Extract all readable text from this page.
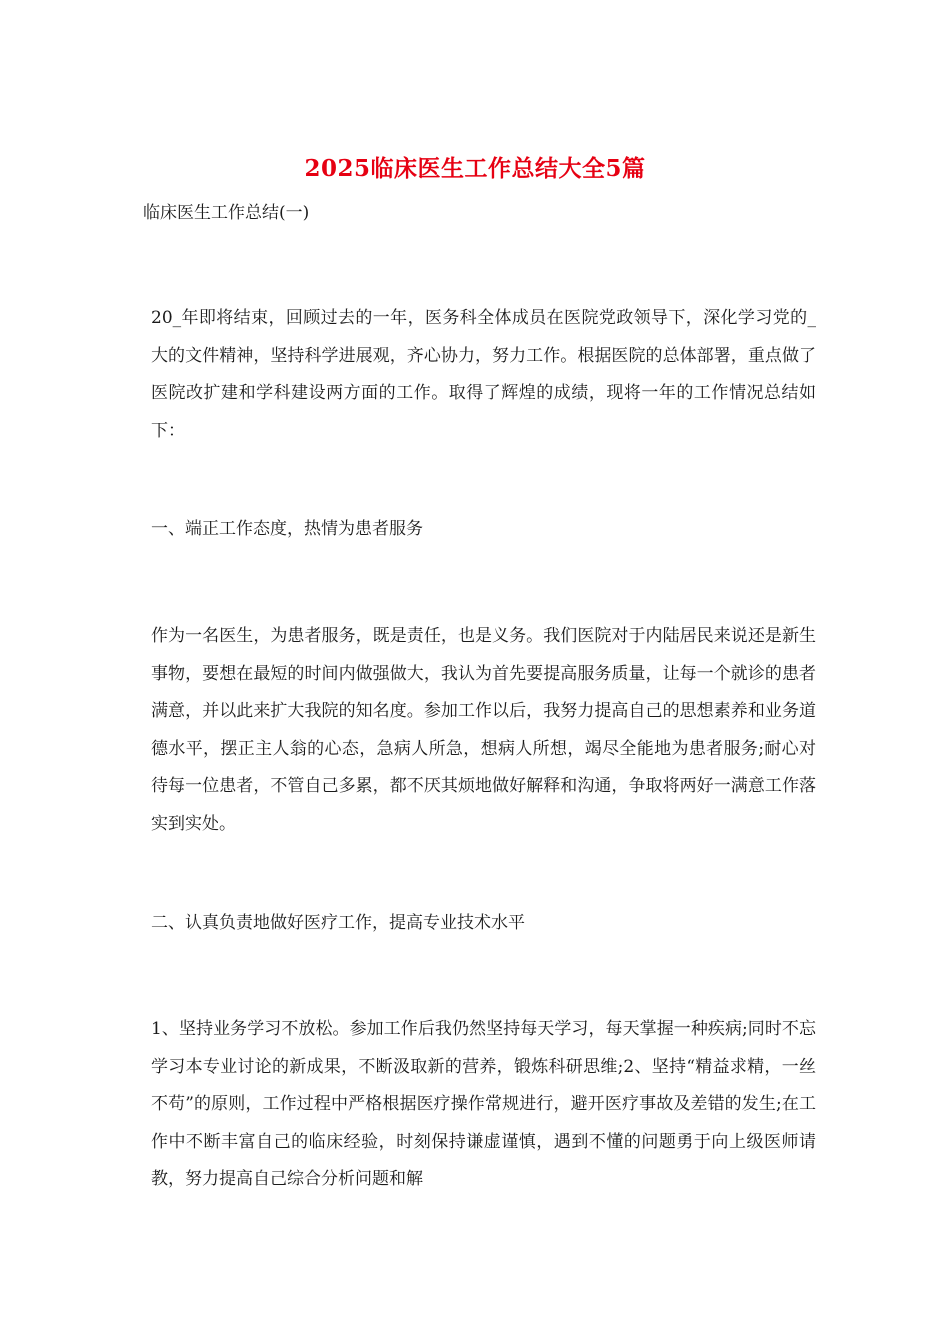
2025临床医生工作总结大全5篇
临床医生工作总结(一)

20_年即将结束，回顾过去的一年，医务科全体成员在医院党政领导下，深化学习党的_大的文件精神，坚持科学进展观，齐心协力，努力工作。根据医院的总体部署，重点做了医院改扩建和学科建设两方面的工作。取得了辉煌的成绩，现将一年的工作情况总结如下：

一、端正工作态度，热情为患者服务

作为一名医生，为患者服务，既是责任，也是义务。我们医院对于内陆居民来说还是新生事物，要想在最短的时间内做强做大，我认为首先要提高服务质量，让每一个就诊的患者满意，并以此来扩大我院的知名度。参加工作以后，我努力提高自己的思想素养和业务道德水平，摆正主人翁的心态，急病人所急，想病人所想，竭尽全能地为患者服务;耐心对待每一位患者，不管自己多累，都不厌其烦地做好解释和沟通，争取将两好一满意工作落实到实处。

二、认真负责地做好医疗工作，提高专业技术水平

1、坚持业务学习不放松。参加工作后我仍然坚持每天学习，每天掌握一种疾病;同时不忘学习本专业讨论的新成果，不断汲取新的营养，锻炼科研思维;2、坚持“精益求精，一丝不苟”的原则，工作过程中严格根据医疗操作常规进行，避开医疗事故及差错的发生;在工作中不断丰富自己的临床经验，时刻保持谦虚谨慎，遇到不懂的问题勇于向上级医师请教，努力提高自己综合分析问题和解
